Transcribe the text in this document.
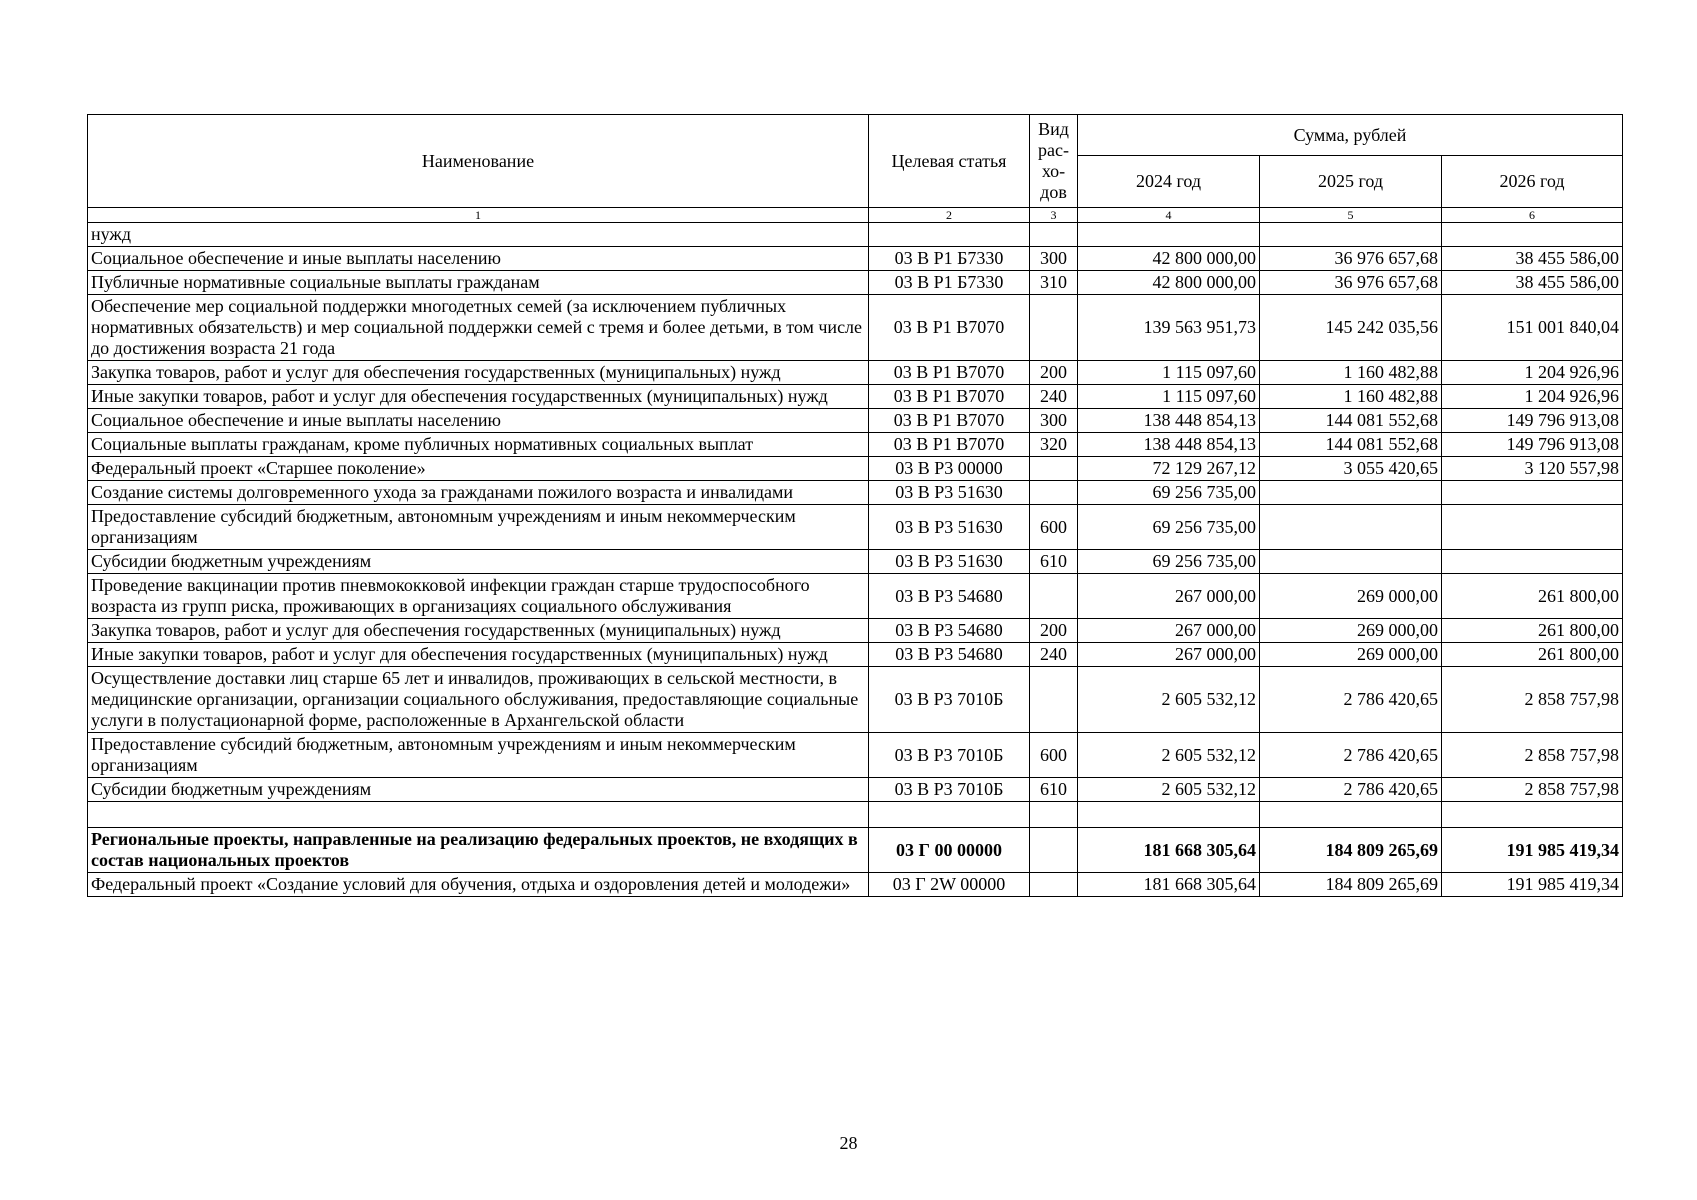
Наименование	Целевая статья	Вид
рас-
хо-
дов	Сумма, рублей		
			2024 год	2025 год	2026 год
1	2	3	4	5	6
нужд					
Социальное обеспечение и иные выплаты населению	03 В Р1 Б7330	300	42 800 000,00	36 976 657,68	38 455 586,00
Публичные нормативные социальные выплаты гражданам	03 В Р1 Б7330	310	42 800 000,00	36 976 657,68	38 455 586,00
Обеспечение мер социальной поддержки многодетных семей (за исключением публичных нормативных обязательств) и мер социальной поддержки семей с тремя и более детьми, в том числе до достижения возраста 21 года	03 В Р1 В7070		139 563 951,73	145 242 035,56	151 001 840,04
Закупка товаров, работ и услуг для обеспечения государственных (муниципальных) нужд	03 В Р1 В7070	200	1 115 097,60	1 160 482,88	1 204 926,96
Иные закупки товаров, работ и услуг для обеспечения государственных (муниципальных) нужд	03 В Р1 В7070	240	1 115 097,60	1 160 482,88	1 204 926,96
Социальное обеспечение и иные выплаты населению	03 В Р1 В7070	300	138 448 854,13	144 081 552,68	149 796 913,08
Социальные выплаты гражданам, кроме публичных нормативных социальных выплат	03 В Р1 В7070	320	138 448 854,13	144 081 552,68	149 796 913,08
Федеральный проект «Старшее поколение»	03 В Р3 00000		72 129 267,12	3 055 420,65	3 120 557,98
Создание системы долговременного ухода за гражданами пожилого возраста и инвалидами	03 В Р3 51630		69 256 735,00		
Предоставление субсидий бюджетным, автономным учреждениям и иным некоммерческим организациям	03 В Р3 51630	600	69 256 735,00		
Субсидии бюджетным учреждениям	03 В Р3 51630	610	69 256 735,00		
Проведение вакцинации против пневмококковой инфекции граждан старше трудоспособного возраста из групп риска, проживающих в организациях социального обслуживания	03 В Р3 54680		267 000,00	269 000,00	261 800,00
Закупка товаров, работ и услуг для обеспечения государственных (муниципальных) нужд	03 В Р3 54680	200	267 000,00	269 000,00	261 800,00
Иные закупки товаров, работ и услуг для обеспечения государственных (муниципальных) нужд	03 В Р3 54680	240	267 000,00	269 000,00	261 800,00
Осуществление доставки лиц старше 65 лет и инвалидов, проживающих в сельской местности, в медицинские организации, организации социального обслуживания, предоставляющие социальные услуги в полустационарной форме, расположенные в Архангельской области	03 В Р3 7010Б		2 605 532,12	2 786 420,65	2 858 757,98
Предоставление субсидий бюджетным, автономным учреждениям и иным некоммерческим организациям	03 В Р3 7010Б	600	2 605 532,12	2 786 420,65	2 858 757,98
Субсидии бюджетным учреждениям	03 В Р3 7010Б	610	2 605 532,12	2 786 420,65	2 858 757,98

Региональные проекты, направленные на реализацию федеральных проектов, не входящих в состав национальных проектов	03 Г 00 00000		181 668 305,64	184 809 265,69	191 985 419,34
Федеральный проект «Создание условий для обучения, отдыха и оздоровления детей и молодежи»	03 Г 2W 00000		181 668 305,64	184 809 265,69	191 985 419,34
28
